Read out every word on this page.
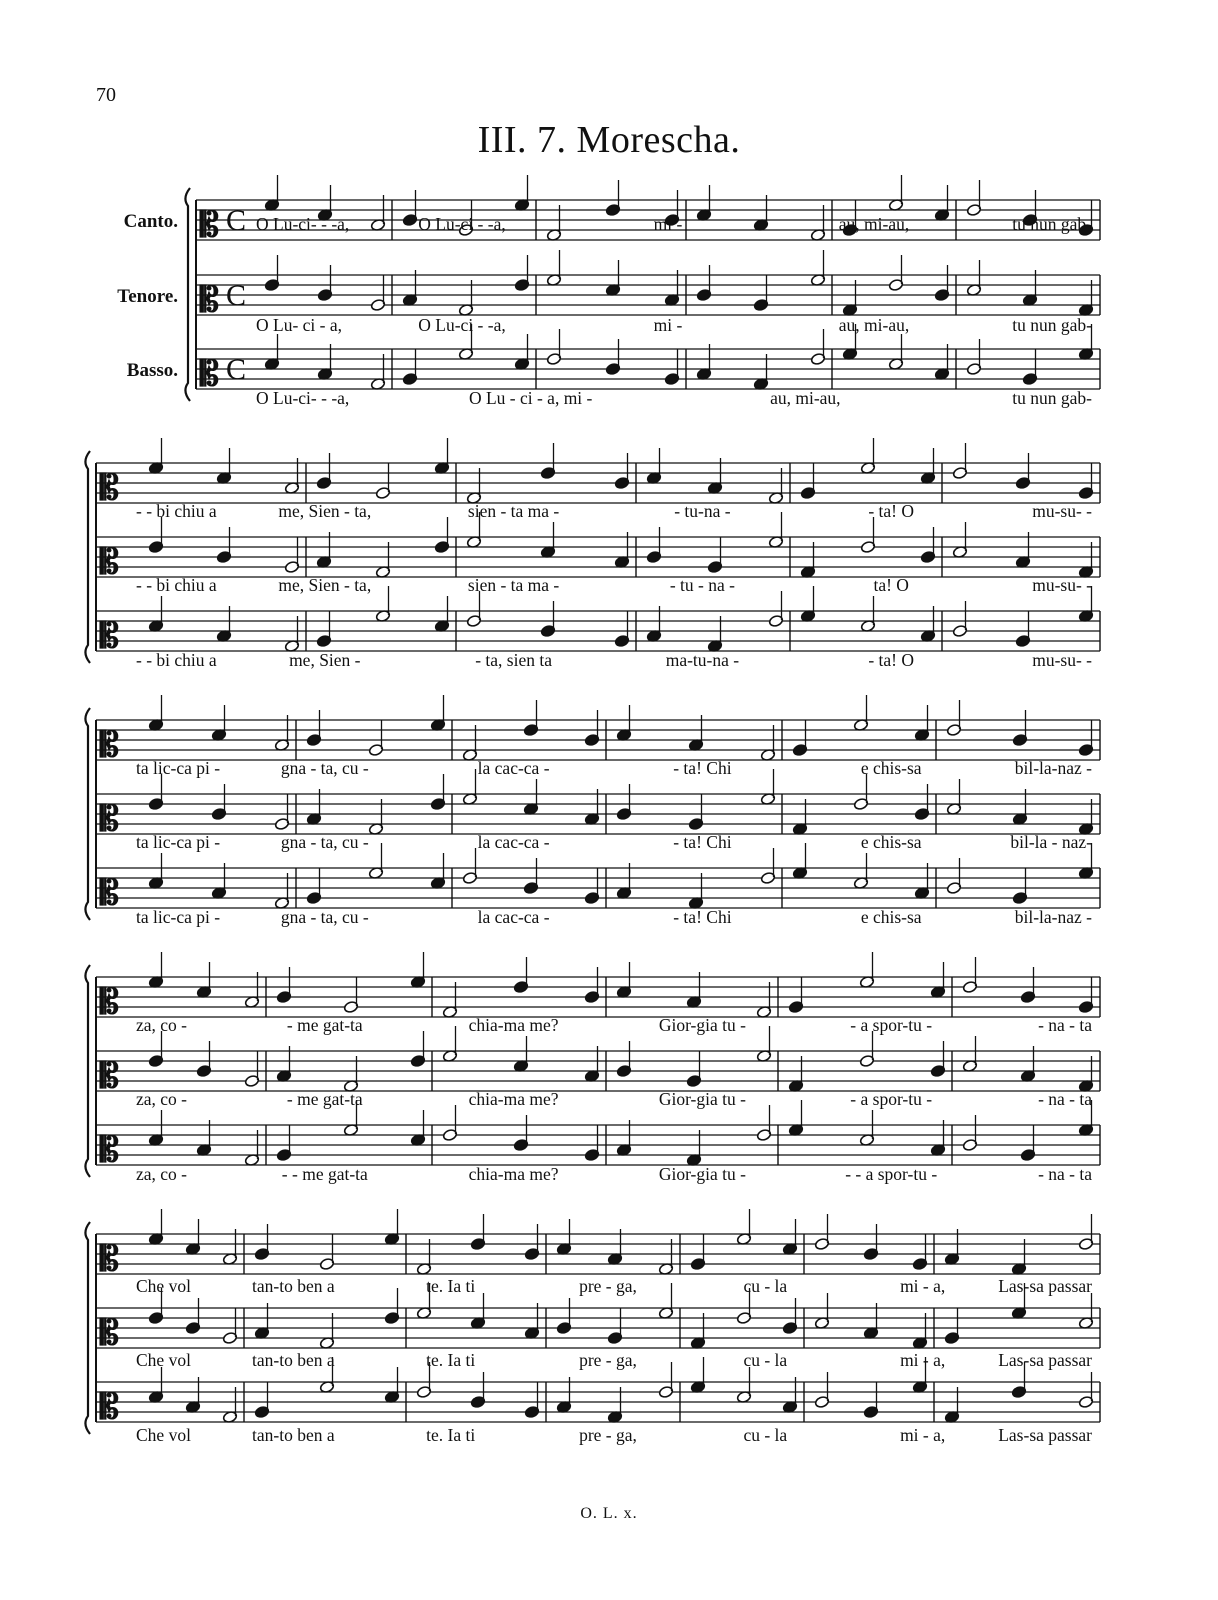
70
III. 7. Morescha.
𝄡 C
Canto.	O Lu-ci- - -a,	O Lu-ci - -a,	mi -	au, mi-au,	tu nun gab-
𝄡 C
Tenore.
O Lu- ci - a,	O Lu-ci - -a,	mi -	au, mi-au,	tu nun gab-
𝄡 C
Basso.
O Lu-ci- - -a,	O Lu - ci - a, mi -	au, mi-au,	tu nun gab-
𝄡
- - bi chiu a	me, Sien - ta,	sien - ta ma -	- tu-na -	- ta! O	mu-su- -
𝄡
- - bi chiu a	me, Sien - ta,	sien - ta ma -	- tu - na -	ta! O	mu-su- -
𝄡
- - bi chiu a	me, Sien -	- ta, sien ta	ma-tu-na -	- ta! O	mu-su- -
𝄡
ta lic-ca pi -	gna - ta, cu -	la cac-ca -	- ta! Chi	e chis-sa	bil-la-naz -
𝄡
ta lic-ca pi -	gna - ta, cu -	la cac-ca -	- ta! Chi	e chis-sa	bil-la - naz-
𝄡
ta lic-ca pi -	gna - ta, cu -	la cac-ca -	- ta! Chi	e chis-sa	bil-la-naz -
𝄡
za, co -	- me gat-ta	chia-ma me?	Gior-gia tu -	- a spor-tu -	- na - ta
𝄡
za, co -	- me gat-ta	chia-ma me?	Gior-gia tu -	- a spor-tu -	- na - ta
𝄡
za, co -	- - me gat-ta	chia-ma me?	Gior-gia tu -	- - a spor-tu -	- na - ta
𝄡
Che vol	tan-to ben a	te. Ia ti	pre - ga,	cu - la	mi - a,	Las-sa passar
𝄡
Che vol	tan-to ben a	te. Ia ti	pre - ga,	cu - la	mi - a,	Las-sa passar
𝄡
Che vol	tan-to ben a	te. Ia ti	pre - ga,	cu - la	mi - a,	Las-sa passar
O. L. x.
